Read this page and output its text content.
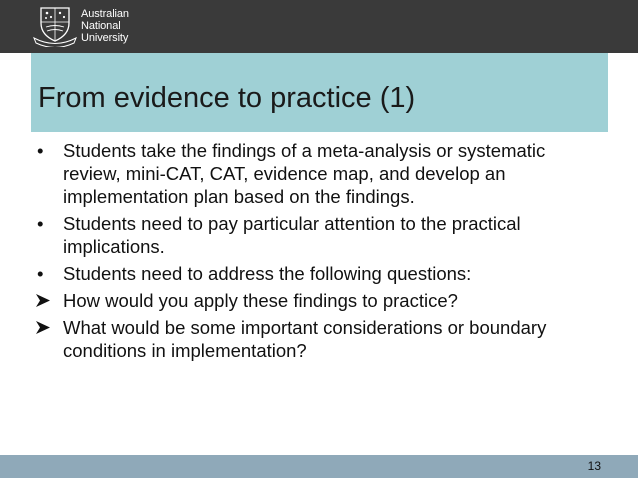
Australian
National
University
From evidence to practice (1)
•	Students take the findings of a meta-analysis or systematic review, mini-CAT, CAT, evidence map, and develop an implementation plan based on the findings.
•	Students need to pay particular attention to the practical implications.
•	Students need to address the following questions:
How would you apply these findings to practice?
What would be some important considerations or boundary conditions in implementation?
13
